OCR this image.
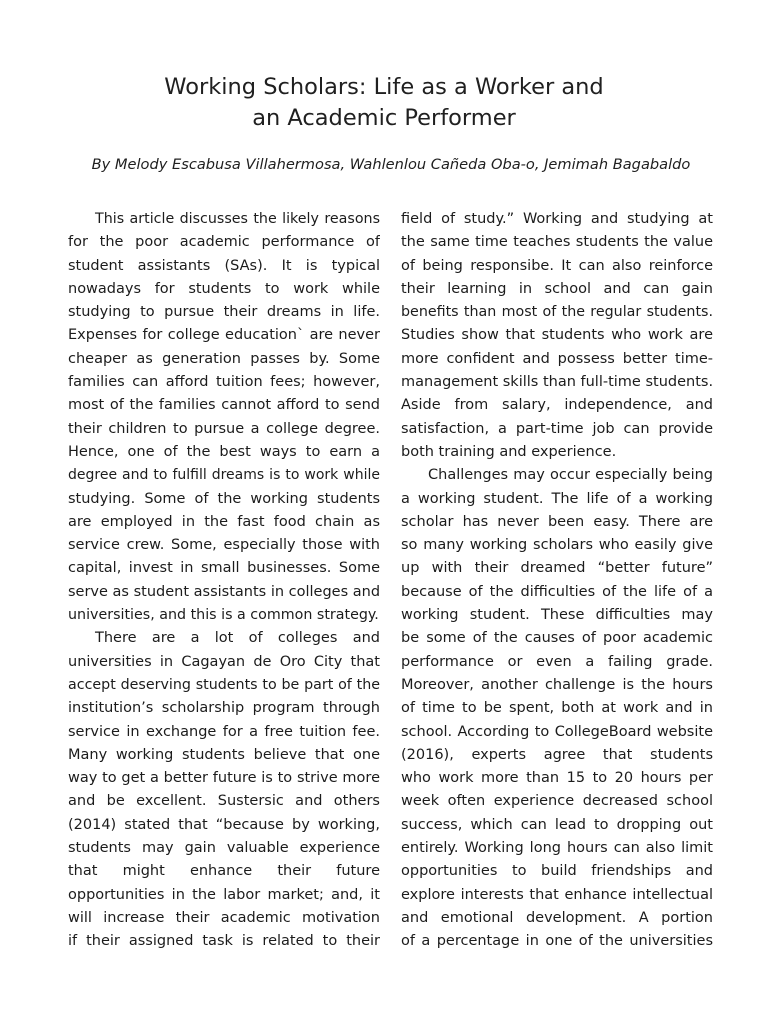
Working Scholars: Life as a Worker and
an Academic Performer

By Melody Escabusa Villahermosa, Wahlenlou Cañeda Oba-o, Jemimah Bagabaldo

This article discusses the likely reasons
for the poor academic performance of
student assistants (SAs). It is typical
nowadays for students to work while
studying to pursue their dreams in life.
Expenses for college education` are never
cheaper as generation passes by. Some
families can afford tuition fees; however,
most of the families cannot afford to send
their children to pursue a college degree.
Hence, one of the best ways to earn a
degree and to fulfill dreams is to work while
studying. Some of the working students
are employed in the fast food chain as
service crew. Some, especially those with
capital, invest in small businesses. Some
serve as student assistants in colleges and
universities, and this is a common strategy.
There are a lot of colleges and
universities in Cagayan de Oro City that
accept deserving students to be part of the
institution’s scholarship program through
service in exchange for a free tuition fee.
Many working students believe that one
way to get a better future is to strive more
and be excellent. Sustersic and others
(2014) stated that “because by working,
students may gain valuable experience
that might enhance their future
opportunities in the labor market; and, it
will increase their academic motivation
if their assigned task is related to their
field of study.” Working and studying at
the same time teaches students the value
of being responsibe. It can also reinforce
their learning in school and can gain
benefits than most of the regular students.
Studies show that students who work are
more confident and possess better time-
management skills than full-time students.
Aside from salary, independence, and
satisfaction, a part-time job can provide
both training and experience.
Challenges may occur especially being
a working student. The life of a working
scholar has never been easy. There are
so many working scholars who easily give
up with their dreamed “better future”
because of the difficulties of the life of a
working student. These difficulties may
be some of the causes of poor academic
performance or even a failing grade.
Moreover, another challenge is the hours
of time to be spent, both at work and in
school. According to CollegeBoard website
(2016), experts agree that students
who work more than 15 to 20 hours per
week often experience decreased school
success, which can lead to dropping out
entirely. Working long hours can also limit
opportunities to build friendships and
explore interests that enhance intellectual
and emotional development. A portion
of a percentage in one of the universities
